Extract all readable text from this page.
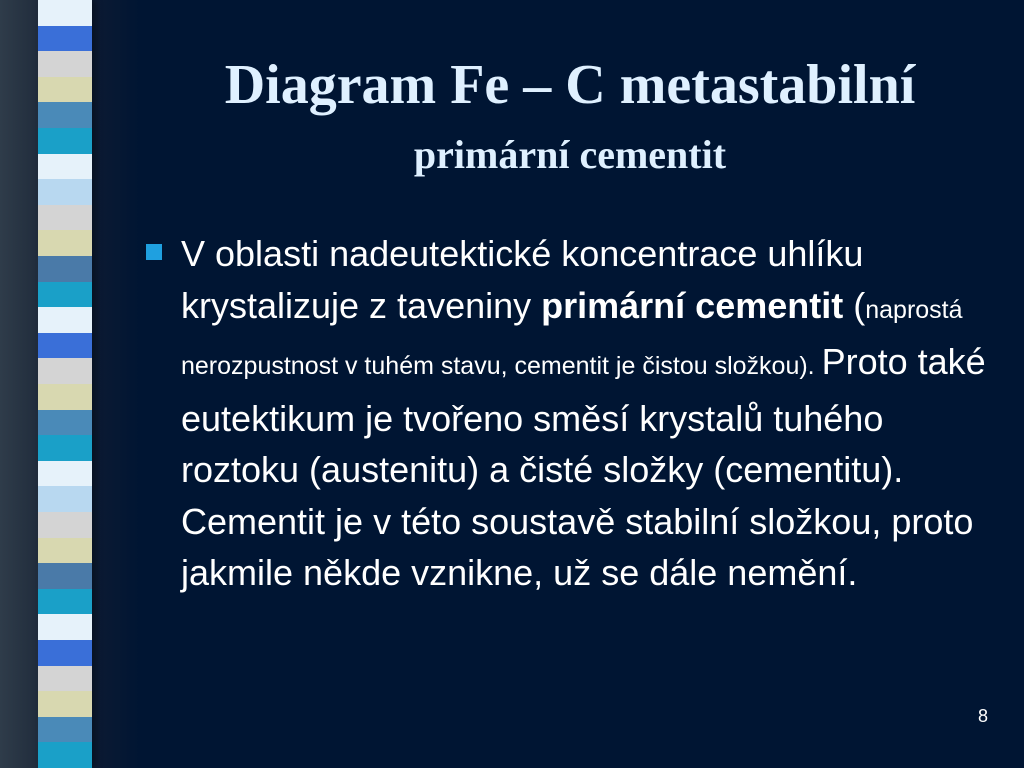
Diagram Fe – C metastabilní
primární cementit

V oblasti nadeutektické koncentrace uhlíku krystalizuje z taveniny primární cementit (naprostá nerozpustnost v tuhém stavu, cementit je čistou složkou). Proto také eutektikum je tvořeno směsí krystalů tuhého roztoku (austenitu) a čisté složky (cementitu). Cementit je v této soustavě stabilní složkou, proto jakmile někde vznikne, už se dále nemění.

8
